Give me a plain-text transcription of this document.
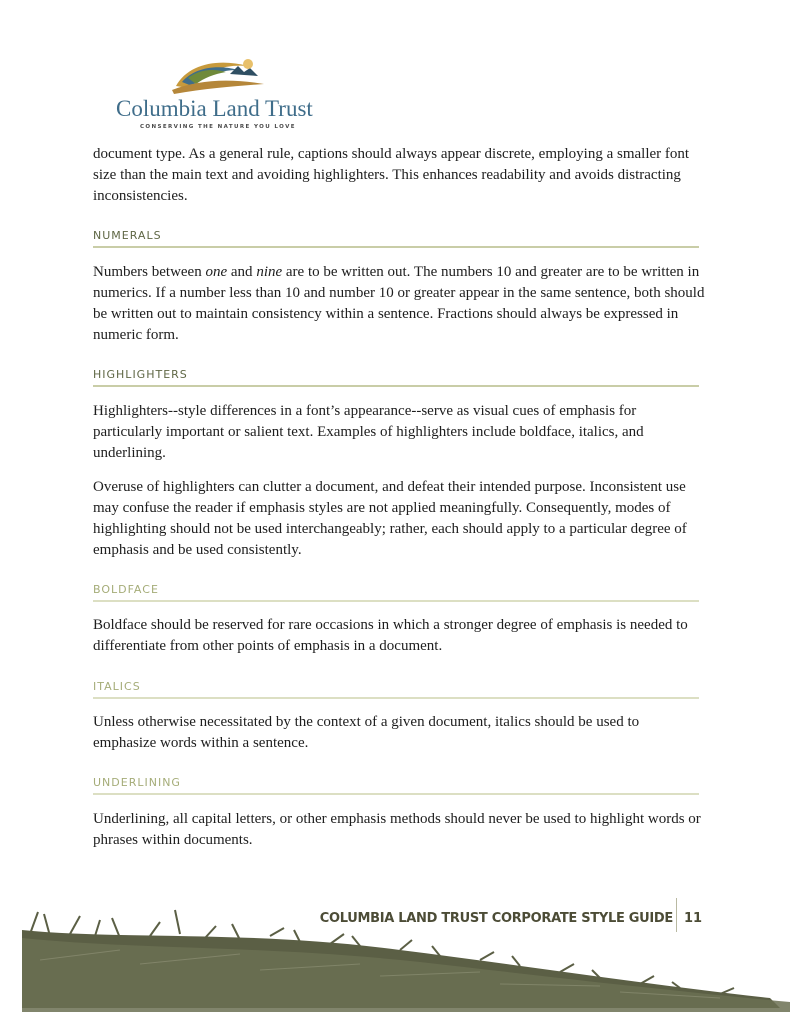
Columbia Land Trust
CONSERVING THE NATURE YOU LOVE

document type. As a general rule, captions should always appear discrete, employing a smaller font size than the main text and avoiding highlighters. This enhances readability and avoids distracting inconsistencies.

NUMERALS

Numbers between one and nine are to be written out. The numbers 10 and greater are to be written in numerics. If a number less than 10 and number 10 or greater appear in the same sentence, both should be written out to maintain consistency within a sentence. Fractions should always be expressed in numeric form.

HIGHLIGHTERS

Highlighters--style differences in a font’s appearance--serve as visual cues of emphasis for particularly important or salient text. Examples of highlighters include boldface, italics, and underlining.

Overuse of highlighters can clutter a document, and defeat their intended purpose. Inconsistent use may confuse the reader if emphasis styles are not applied meaningfully. Consequently, modes of highlighting should not be used interchangeably; rather, each should apply to a particular degree of emphasis and be used consistently.

BOLDFACE

Boldface should be reserved for rare occasions in which a stronger degree of emphasis is needed to differentiate from other points of emphasis in a document.

ITALICS

Unless otherwise necessitated by the context of a given document, italics should be used to emphasize words within a sentence.

UNDERLINING

Underlining, all capital letters, or other emphasis methods should never be used to highlight words or phrases within documents.

COLUMBIA LAND TRUST CORPORATE STYLE GUIDE 11
